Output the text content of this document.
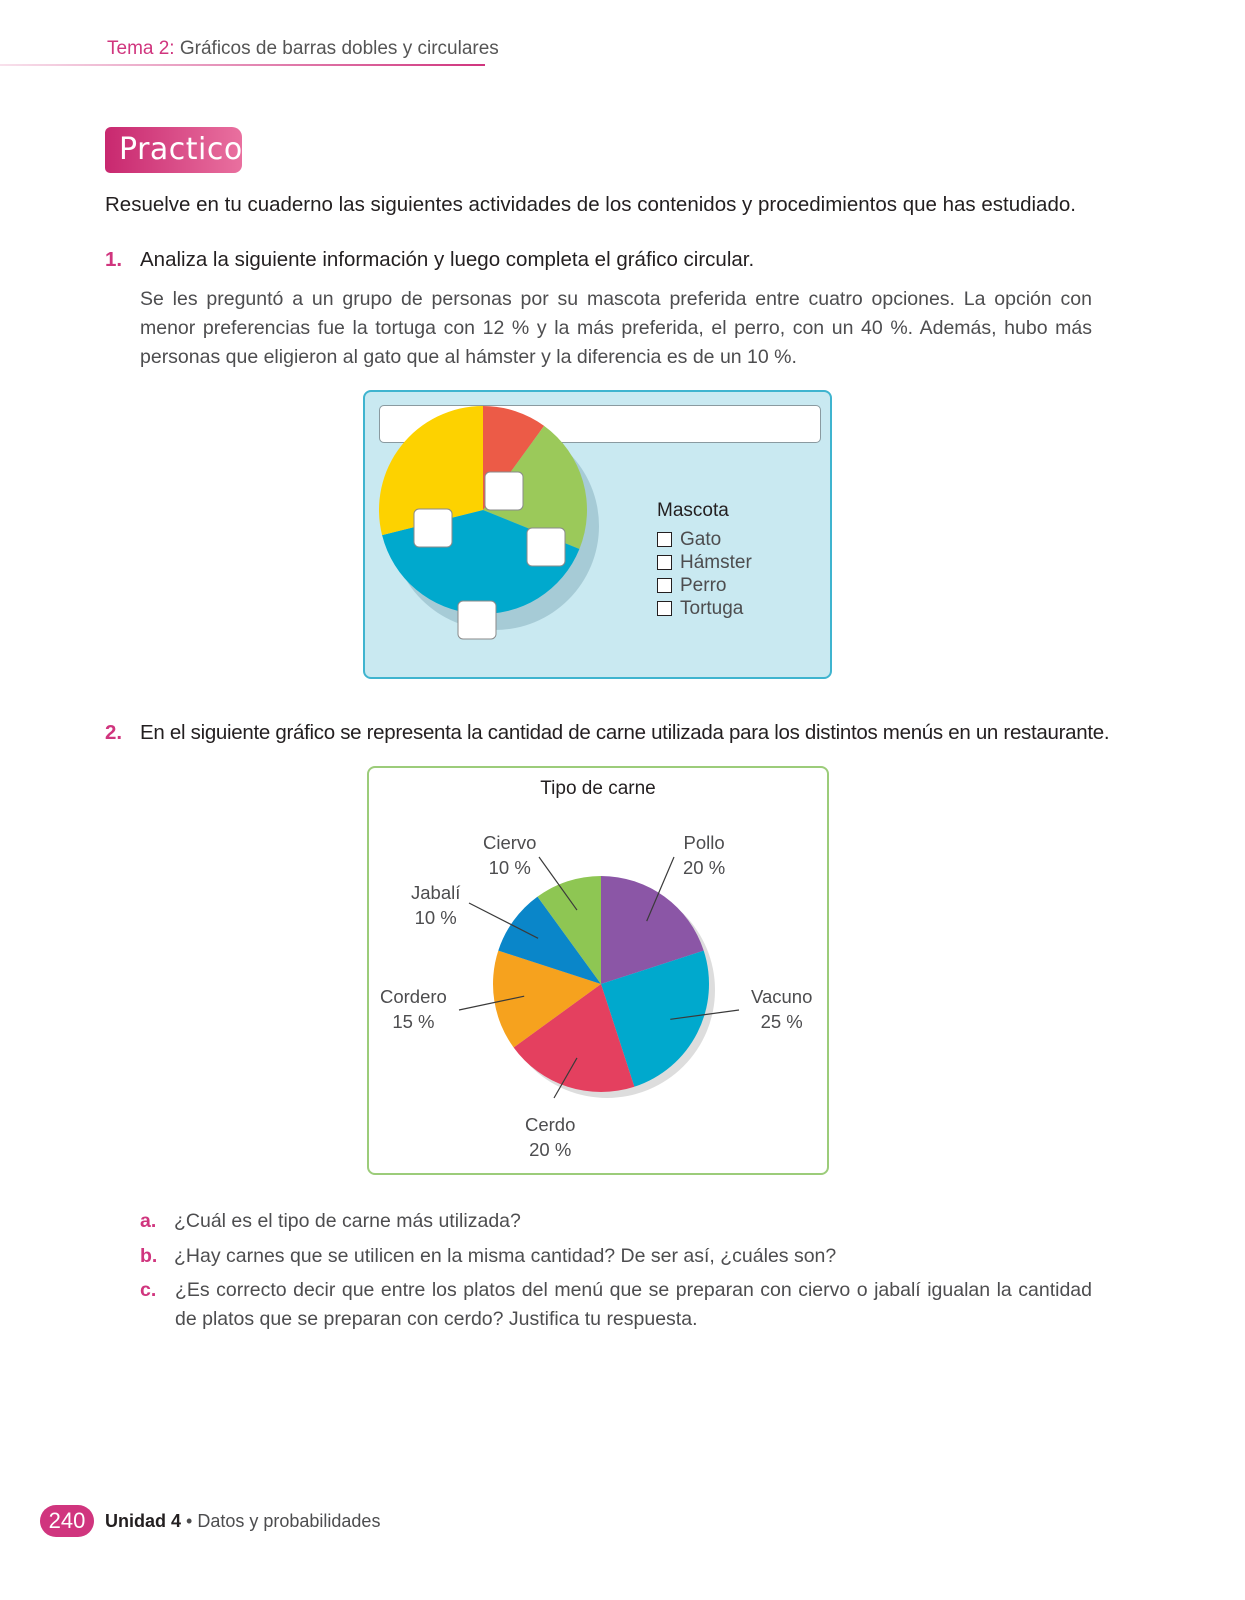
Tema 2: Gráficos de barras dobles y circulares
Practico
Resuelve en tu cuaderno las siguientes actividades de los contenidos y procedimientos que has estudiado.
1. Analiza la siguiente información y luego completa el gráfico circular.
Se les preguntó a un grupo de personas por su mascota preferida entre cuatro opciones. La opción con menor preferencias fue la tortuga con 12 % y la más preferida, el perro, con un 40 %. Además, hubo más personas que eligieron al gato que al hámster y la diferencia es de un 10 %.
Mascota
Gato
Hámster
Perro
Tortuga
2. En el siguiente gráfico se representa la cantidad de carne utilizada para los distintos menús en un restaurante.
Tipo de carne
Pollo
20 %
Vacuno
25 %
Cerdo
20 %
Cordero
15 %
Jabalí
10 %
Ciervo
10 %
a. ¿Cuál es el tipo de carne más utilizada?
b. ¿Hay carnes que se utilicen en la misma cantidad? De ser así, ¿cuáles son?
c. ¿Es correcto decir que entre los platos del menú que se preparan con ciervo o jabalí igualan la cantidad de platos que se preparan con cerdo? Justifica tu respuesta.
240	Unidad 4 • Datos y probabilidades
